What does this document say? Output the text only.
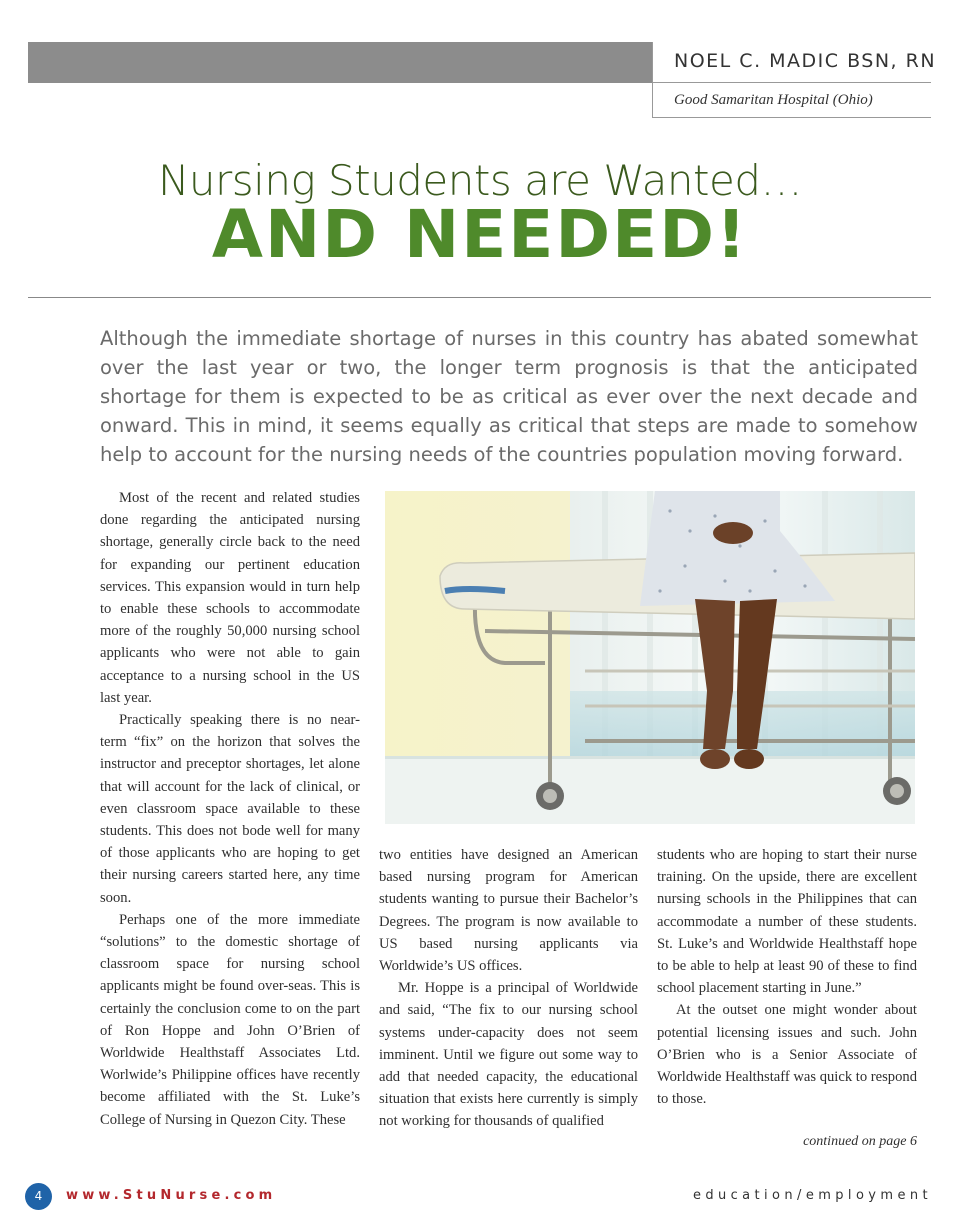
NOEL C. MADIC BSN, RN
Good Samaritan Hospital (Ohio)
Nursing Students are Wanted…
AND NEEDED!
Although the immediate shortage of nurses in this country has abated somewhat over the last year or two, the longer term prognosis is that the anticipated shortage for them is expected to be as critical as ever over the next decade and onward. This in mind, it seems equally as critical that steps are made to somehow help to account for the nursing needs of the countries population moving forward.

Most of the recent and related studies done regarding the anticipated nursing shortage, generally circle back to the need for expanding our pertinent education services. This expansion would in turn help to enable these schools to accommodate more of the roughly 50,000 nursing school applicants who were not able to gain acceptance to a nursing school in the US last year.

Practically speaking there is no near-term “fix” on the horizon that solves the instructor and preceptor shortages, let alone that will account for the lack of clinical, or even classroom space available to these students. This does not bode well for many of those applicants who are hoping to get their nursing careers started here, any time soon.

Perhaps one of the more immediate “solutions” to the domestic shortage of classroom space for nursing school applicants might be found over-seas. This is certainly the conclusion come to on the part of Ron Hoppe and John O’Brien of Worldwide Healthstaff Associates Ltd. Worlwide’s Philippine offices have recently become affiliated with the St. Luke’s College of Nursing in Quezon City. These

two entities have designed an American based nursing program for American students wanting to pursue their Bachelor’s Degrees. The program is now available to US based nursing applicants via Worldwide’s US offices.

Mr. Hoppe is a principal of Worldwide and said, “The fix to our nursing school systems under-capacity does not seem imminent. Until we figure out some way to add that needed capacity, the educational situation that exists here currently is simply not working for thousands of qualified

students who are hoping to start their nurse training. On the upside, there are excellent nursing schools in the Philippines that can accommodate a number of these students. St. Luke’s and Worldwide Healthstaff hope to be able to help at least 90 of these to find school placement starting in June.”

At the outset one might wonder about potential licensing issues and such. John O’Brien who is a Senior Associate of Worldwide Healthstaff was quick to respond to those.

continued on page 6
4	www.StuNurse.com	education/employment
